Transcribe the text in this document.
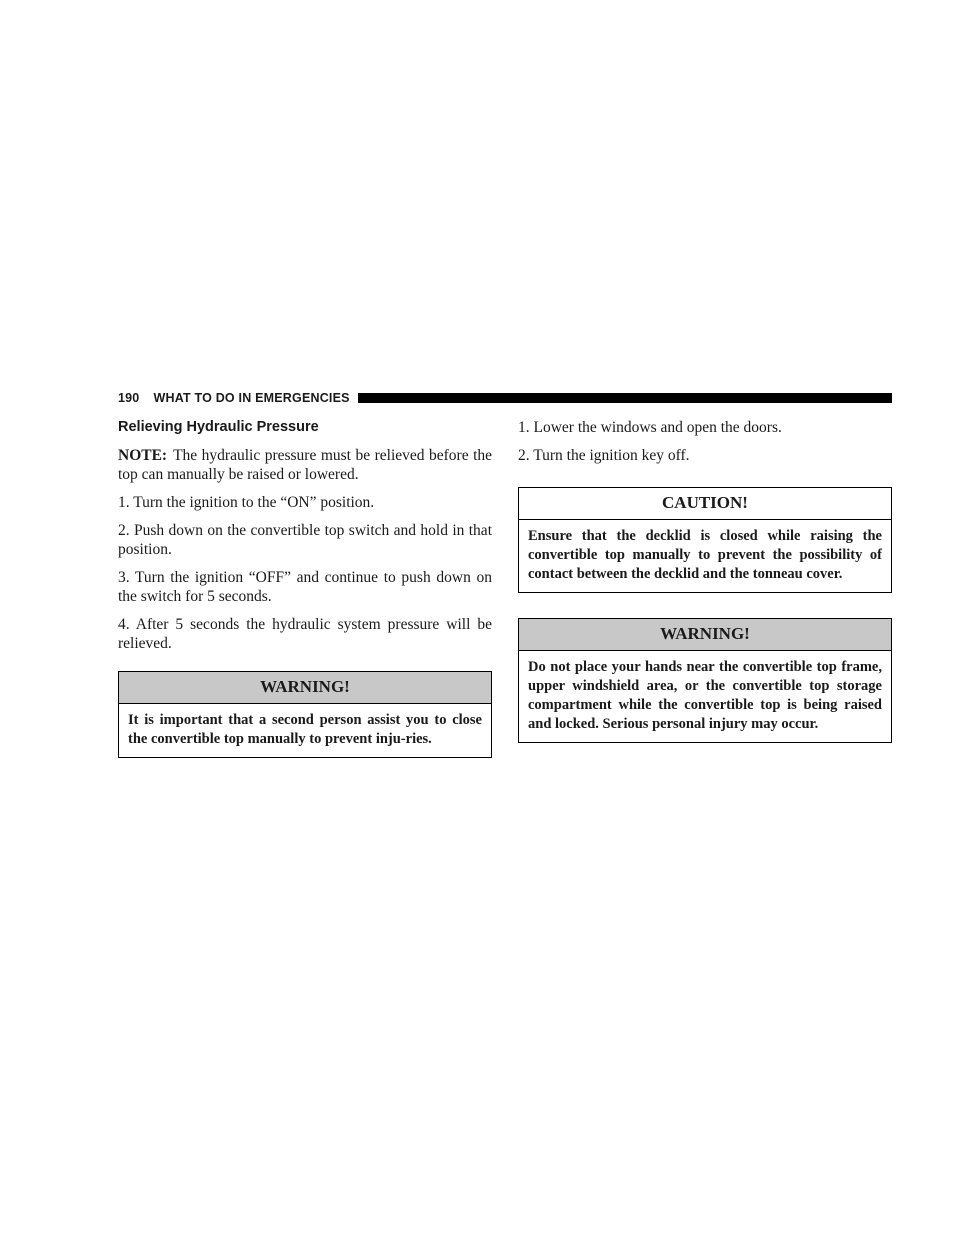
190 WHAT TO DO IN EMERGENCIES
Relieving Hydraulic Pressure

NOTE: The hydraulic pressure must be relieved before the top can manually be raised or lowered.

1. Turn the ignition to the “ON” position.

2. Push down on the convertible top switch and hold in that position.

3. Turn the ignition “OFF” and continue to push down on the switch for 5 seconds.

4. After 5 seconds the hydraulic system pressure will be relieved.

WARNING!
It is important that a second person assist you to close the convertible top manually to prevent inju-ries.

1. Lower the windows and open the doors.

2. Turn the ignition key off.

CAUTION!
Ensure that the decklid is closed while raising the convertible top manually to prevent the possibility of contact between the decklid and the tonneau cover.
WARNING!
Do not place your hands near the convertible top frame, upper windshield area, or the convertible top storage compartment while the convertible top is being raised and locked. Serious personal injury may occur.
